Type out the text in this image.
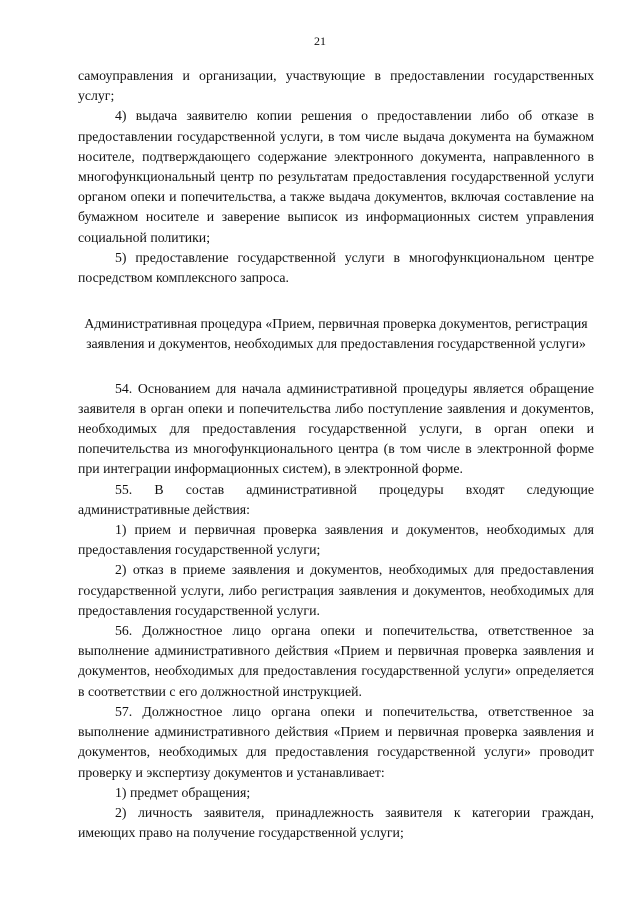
21

самоуправления и организации, участвующие в предоставлении государственных услуг;

4) выдача заявителю копии решения о предоставлении либо об отказе в предоставлении государственной услуги, в том числе выдача документа на бумажном носителе, подтверждающего содержание электронного документа, направленного в многофункциональный центр по результатам предоставления государственной услуги органом опеки и попечительства, а также выдача документов, включая составление на бумажном носителе и заверение выписок из информационных систем управления социальной политики;

5) предоставление государственной услуги в многофункциональном центре посредством комплексного запроса.

Административная процедура «Прием, первичная проверка документов, регистрация заявления и документов, необходимых для предоставления государственной услуги»

54. Основанием для начала административной процедуры является обращение заявителя в орган опеки и попечительства либо поступление заявления и документов, необходимых для предоставления государственной услуги, в орган опеки и попечительства из многофункционального центра (в том числе в электронной форме при интеграции информационных систем), в электронной форме.

55. В состав административной процедуры входят следующие административные действия:

1) прием и первичная проверка заявления и документов, необходимых для предоставления государственной услуги;

2) отказ в приеме заявления и документов, необходимых для предоставления государственной услуги, либо регистрация заявления и документов, необходимых для предоставления государственной услуги.

56. Должностное лицо органа опеки и попечительства, ответственное за выполнение административного действия «Прием и первичная проверка заявления и документов, необходимых для предоставления государственной услуги» определяется в соответствии с его должностной инструкцией.

57. Должностное лицо органа опеки и попечительства, ответственное за выполнение административного действия «Прием и первичная проверка заявления и документов, необходимых для предоставления государственной услуги» проводит проверку и экспертизу документов и устанавливает:

1) предмет обращения;

2) личность заявителя, принадлежность заявителя к категории граждан, имеющих право на получение государственной услуги;
